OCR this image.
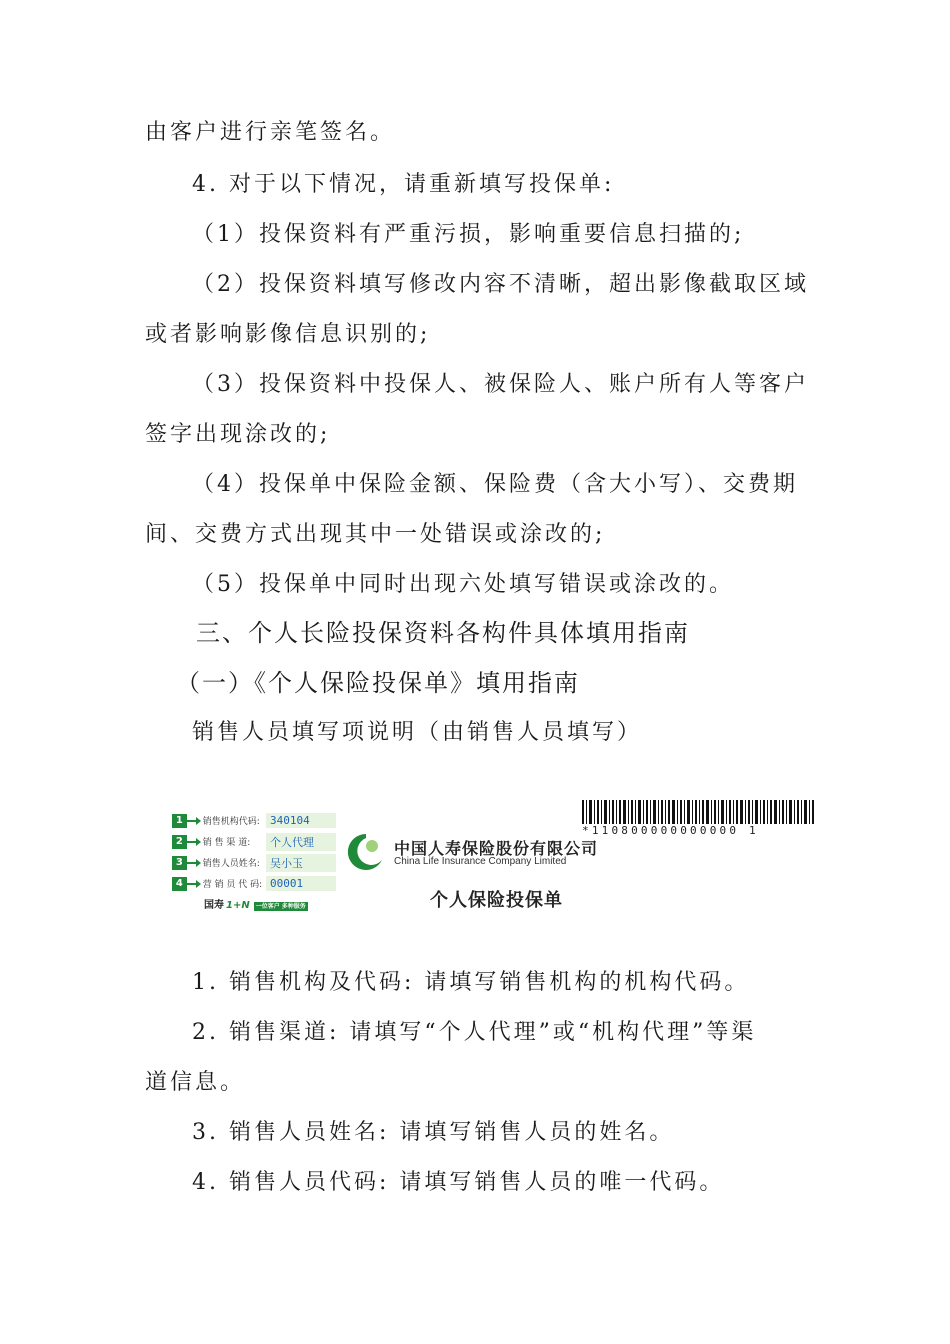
由客户进行亲笔签名。
4. 对于以下情况，请重新填写投保单:
（1）投保资料有严重污损，影响重要信息扫描的;
（2）投保资料填写修改内容不清晰，超出影像截取区域
或者影响影像信息识别的;
（3）投保资料中投保人、被保险人、账户所有人等客户
签字出现涂改的;
（4）投保单中保险金额、保险费（含大小写）、交费期
间、交费方式出现其中一处错误或涂改的;
（5）投保单中同时出现六处填写错误或涂改的。
三、个人长险投保资料各构件具体填用指南
（一）《个人保险投保单》填用指南
销售人员填写项说明（由销售人员填写）
1	销售机构代码: 340104
2	销 售 渠 道:	个人代理
3	销售人员姓名: 吴小玉
4	营 销 员 代 码: 00001
国寿 1+N 一位客户 多种服务
中国人寿保险股份有限公司
China Life Insurance Company Limited
*110800000000000 1
个人保险投保单
1. 销售机构及代码: 请填写销售机构的机构代码。
2. 销售渠道: 请填写“个人代理”或“机构代理”等渠
道信息。
3. 销售人员姓名: 请填写销售人员的姓名。
4. 销售人员代码: 请填写销售人员的唯一代码。
